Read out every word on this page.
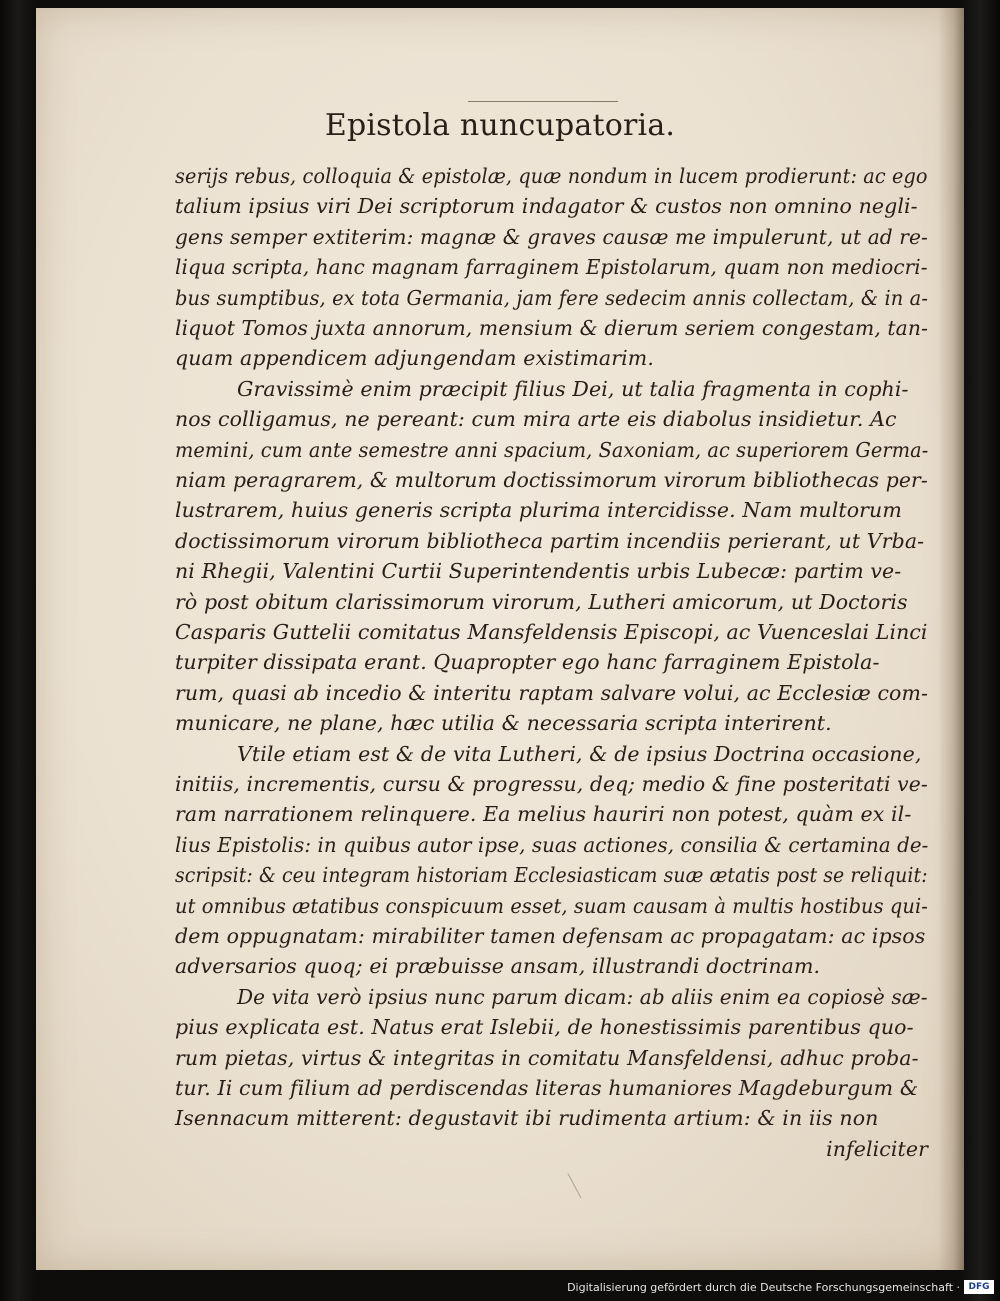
Epistola nuncupatoria.
serijs rebus, colloquia & epistolæ, quæ nondum in lucem prodierunt: ac ego
talium ipsius viri Dei scriptorum indagator & custos non omnino negli-
gens semper extiterim: magnæ & graves causæ me impulerunt, ut ad re-
liqua scripta, hanc magnam farraginem Epistolarum, quam non mediocri-
bus sumptibus, ex tota Germania, jam fere sedecim annis collectam, & in a-
liquot Tomos juxta annorum, mensium & dierum seriem congestam, tan-
quam appendicem adjungendam existimarim.
Gravissimè enim præcipit filius Dei, ut talia fragmenta in cophi-
nos colligamus, ne pereant: cum mira arte eis diabolus insidietur. Ac
memini, cum ante semestre anni spacium, Saxoniam, ac superiorem Germa-
niam peragrarem, & multorum doctissimorum virorum bibliothecas per-
lustrarem, huius generis scripta plurima intercidisse. Nam multorum
doctissimorum virorum bibliotheca partim incendiis perierant, ut Vrba-
ni Rhegii, Valentini Curtii Superintendentis urbis Lubecæ: partim ve-
rò post obitum clarissimorum virorum, Lutheri amicorum, ut Doctoris
Casparis Guttelii comitatus Mansfeldensis Episcopi, ac Vuenceslai Linci
turpiter dissipata erant. Quapropter ego hanc farraginem Epistola-
rum, quasi ab incedio & interitu raptam salvare volui, ac Ecclesiæ com-
municare, ne plane, hæc utilia & necessaria scripta interirent.
Vtile etiam est & de vita Lutheri, & de ipsius Doctrina occasione,
initiis, incrementis, cursu & progressu, deq; medio & fine posteritati ve-
ram narrationem relinquere. Ea melius hauriri non potest, quàm ex il-
lius Epistolis: in quibus autor ipse, suas actiones, consilia & certamina de-
scripsit: & ceu integram historiam Ecclesiasticam suæ ætatis post se reliquit:
ut omnibus ætatibus conspicuum esset, suam causam à multis hostibus qui-
dem oppugnatam: mirabiliter tamen defensam ac propagatam: ac ipsos
adversarios quoq; ei præbuisse ansam, illustrandi doctrinam.
De vita verò ipsius nunc parum dicam: ab aliis enim ea copiosè sæ-
pius explicata est. Natus erat Islebii, de honestissimis parentibus quo-
rum pietas, virtus & integritas in comitatu Mansfeldensi, adhuc proba-
tur. Ii cum filium ad perdiscendas literas humaniores Magdeburgum &
Isennacum mitterent: degustavit ibi rudimenta artium: & in iis non
infeliciter
Digitalisierung gefördert durch die Deutsche Forschungsgemeinschaft · DFG
